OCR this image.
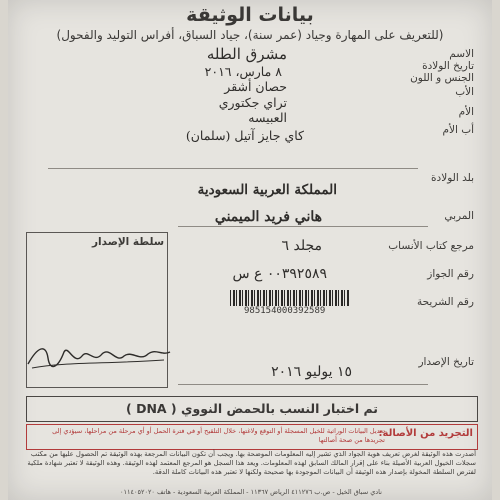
بيانات الوثيقة
(للتعريف على المهارة وجياد (عمر سنة)، جياد السباق، أفراس التوليد والفحول)
الاسم
تاريخ الولادة
الجنس و اللون
الأب
الأم
أب الأم
مشرق الطله
٨ مارس، ٢٠١٦
حصان أشقر
تراي جكتوري
العبيسه
كاي جايز آتيل (سلمان)
بلد الولادة
المملكة العربية السعودية
المربي
هاني فريد الميمني
مرجع كتاب الأنساب
مجلد ٦
رقم الجواز
٠٠٣٩٢٥٨٩ ع س
رقم الشريحة
985154000392589
سلطة الإصدار
تاريخ الإصدار
١٥ يوليو ٢٠١٦
تم اختبار النسب بالحمض النووي ( DNA )
التجريد من الأصالة:
تعديل البيانات الوراثية للخيل المسجلة أو التوقع ولاغتها، خلال التلقيح أو في فترة الحمل أو أي مرحلة من مراحلها، سيؤدي إلى تجريدها من صحة أصالتها
أصدرت هذه الوثيقة لغرض تعريف هوية الجواد الذي تشير إليه المعلومات الموضحة بها. ويجب أن تكون البيانات المرجعة بهذه الوثيقة تم الحصول عليها من مكتب سجلات الخيول العربية الأصيلة بناء على إقرار المالك السابق لهذه المعلومات. ويعد هذا السجل هو المرجع المعتمد لهذه الوثيقة. وهذه الوثيقة لا تعتبر شهادة ملكية لفترض السلطة المخولة بإصدار هذه الوثيقة أن البيانات الموجودة بها صحيحة ولكنها لا تعتبر هذه البيانات كاملة الدقة.
نادي سباق الخيل - ص.ب ٤١١٢٧٦ الرياض ١١٣٦٧ - المملكة العربية السعودية - هاتف ٠١١٤٠٥٢٠٢٠
